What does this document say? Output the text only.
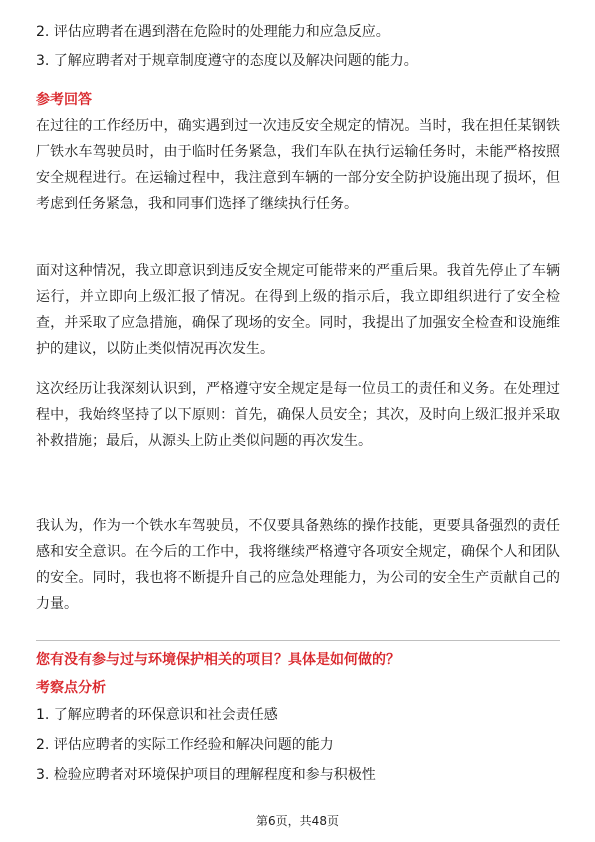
2. 评估应聘者在遇到潜在危险时的处理能力和应急反应。
3. 了解应聘者对于规章制度遵守的态度以及解决问题的能力。
参考回答

在过往的工作经历中，确实遇到过一次违反安全规定的情况。当时，我在担任某钢铁厂铁水车驾驶员时，由于临时任务紧急，我们车队在执行运输任务时，未能严格按照安全规程进行。在运输过程中，我注意到车辆的一部分安全防护设施出现了损坏，但考虑到任务紧急，我和同事们选择了继续执行任务。

面对这种情况，我立即意识到违反安全规定可能带来的严重后果。我首先停止了车辆运行，并立即向上级汇报了情况。在得到上级的指示后，我立即组织进行了安全检查，并采取了应急措施，确保了现场的安全。同时，我提出了加强安全检查和设施维护的建议，以防止类似情况再次发生。

这次经历让我深刻认识到，严格遵守安全规定是每一位员工的责任和义务。在处理过程中，我始终坚持了以下原则：首先，确保人员安全；其次，及时向上级汇报并采取补救措施；最后，从源头上防止类似问题的再次发生。

我认为，作为一个铁水车驾驶员，不仅要具备熟练的操作技能，更要具备强烈的责任感和安全意识。在今后的工作中，我将继续严格遵守各项安全规定，确保个人和团队的安全。同时，我也将不断提升自己的应急处理能力，为公司的安全生产贡献自己的力量。

您有没有参与过与环境保护相关的项目？具体是如何做的？
考察点分析
1. 了解应聘者的环保意识和社会责任感
2. 评估应聘者的实际工作经验和解决问题的能力
3. 检验应聘者对环境保护项目的理解程度和参与积极性
第6页，共48页
